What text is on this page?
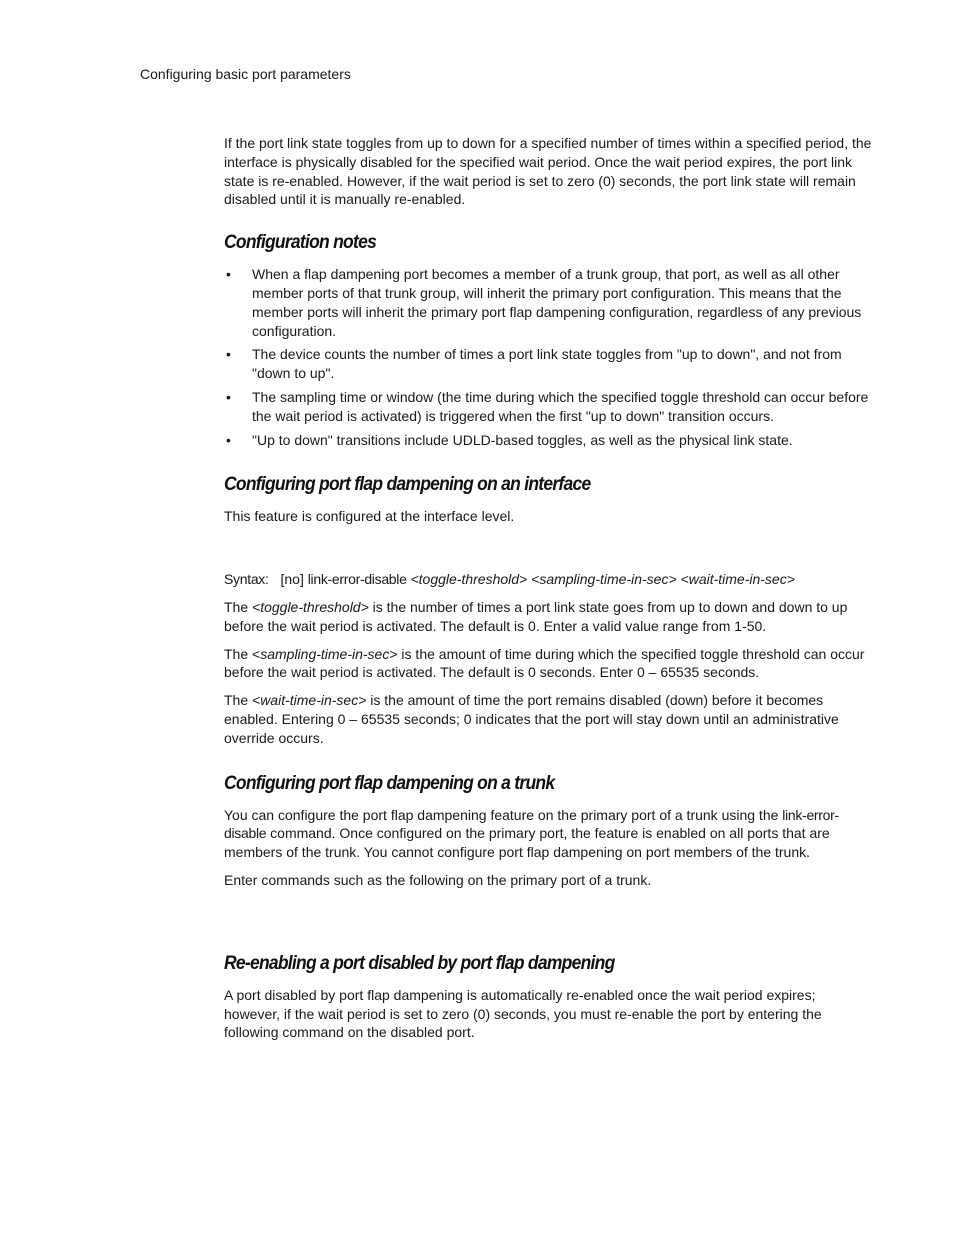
Configuring basic port parameters

If the port link state toggles from up to down for a specified number of times within a specified period, the interface is physically disabled for the specified wait period. Once the wait period expires, the port link state is re-enabled. However, if the wait period is set to zero (0) seconds, the port link state will remain disabled until it is manually re-enabled.

Configuration notes
• When a flap dampening port becomes a member of a trunk group, that port, as well as all other member ports of that trunk group, will inherit the primary port configuration. This means that the member ports will inherit the primary port flap dampening configuration, regardless of any previous configuration.
• The device counts the number of times a port link state toggles from "up to down", and not from "down to up".
• The sampling time or window (the time during which the specified toggle threshold can occur before the wait period is activated) is triggered when the first "up to down" transition occurs.
• "Up to down" transitions include UDLD-based toggles, as well as the physical link state.
Configuring port flap dampening on an interface

This feature is configured at the interface level.

Syntax: [no] link-error-disable <toggle-threshold> <sampling-time-in-sec> <wait-time-in-sec>

The <toggle-threshold> is the number of times a port link state goes from up to down and down to up before the wait period is activated. The default is 0. Enter a valid value range from 1-50.

The <sampling-time-in-sec> is the amount of time during which the specified toggle threshold can occur before the wait period is activated. The default is 0 seconds. Enter 0 – 65535 seconds.

The <wait-time-in-sec> is the amount of time the port remains disabled (down) before it becomes enabled. Entering 0 – 65535 seconds; 0 indicates that the port will stay down until an administrative override occurs.

Configuring port flap dampening on a trunk

You can configure the port flap dampening feature on the primary port of a trunk using the link-error-disable command. Once configured on the primary port, the feature is enabled on all ports that are members of the trunk. You cannot configure port flap dampening on port members of the trunk.

Enter commands such as the following on the primary port of a trunk.

Re-enabling a port disabled by port flap dampening

A port disabled by port flap dampening is automatically re-enabled once the wait period expires; however, if the wait period is set to zero (0) seconds, you must re-enable the port by entering the following command on the disabled port.
